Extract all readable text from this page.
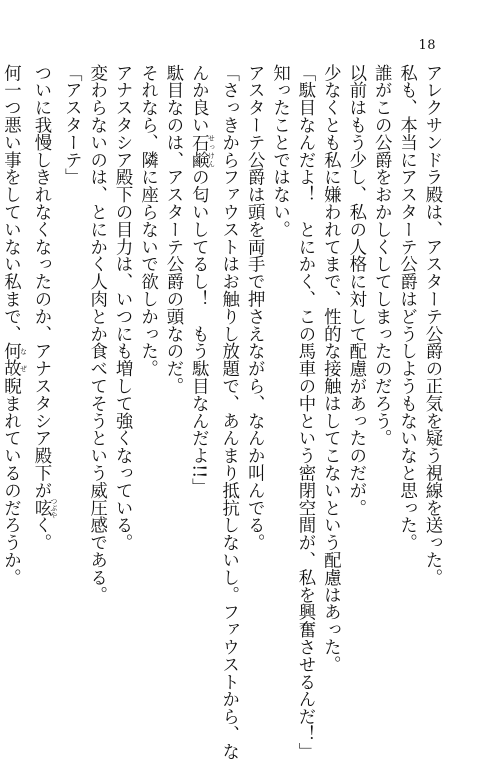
18

アレクサンドラ殿は、アスターテ公爵の正気を疑う視線を送った。

私も、本当にアスターテ公爵はどうしようもないなと思った。

誰がこの公爵をおかしくしてしまったのだろう。

以前はもう少し、私の人格に対して配慮があったのだが。

少なくとも私に嫌われてまで、性的な接触はしてこないという配慮はあった。

「駄目なんだよ！　とにかく、この馬車の中という密閉空間が、私を興奮させるんだ！」

知ったことではない。

アスターテ公爵は頭を両手で押さえながら、なんか叫んでる。

「さっきからファウストはお触りし放題で、あんまり抵抗しないし。ファウストから、な

んか良い石鹸 せっけんの匂いしてるし！　もう駄目なんだよ!!」

駄目なのは、アスターテ公爵の頭なのだ。

それなら、隣に座らないで欲しかった。

アナスタシア殿下の目力は、いつにも増して強くなっている。

変わらないのは、とにかく人肉とか食べてそうという威圧感である。

「アスターテ」

ついに我慢しきれなくなったのか、アナスタシア殿下が呟 つぶやく。

何一つ悪い事をしていない私まで、何故 なぜ睨まれているのだろうか。
